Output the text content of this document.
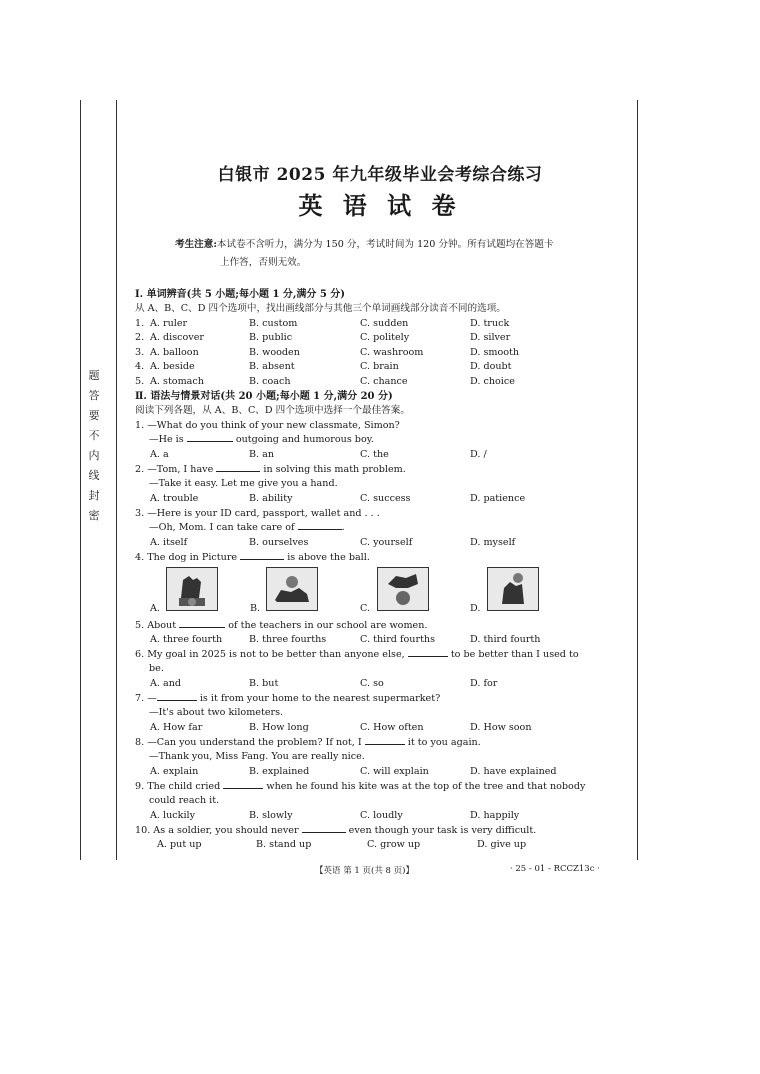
题
答
要
不
内
线
封
密
白银市 2025 年九年级毕业会考综合练习
英 语 试 卷
考生注意:本试卷不含听力，满分为 150 分，考试时间为 120 分钟。所有试题均在答题卡
上作答，否则无效。
Ⅰ. 单词辨音(共 5 小题;每小题 1 分,满分 5 分)
从 A、B、C、D 四个选项中，找出画线部分与其他三个单词画线部分读音不同的选项。
1. A. ruler	B. custom	C. sudden	D. truck
2. A. discover	B. public	C. politely	D. silver
3. A. balloon	B. wooden	C. washroom	D. smooth
4. A. beside	B. absent	C. brain	D. doubt
5. A. stomach	B. coach	C. chance	D. choice
Ⅱ. 语法与情景对话(共 20 小题;每小题 1 分,满分 20 分)
阅读下列各题，从 A、B、C、D 四个选项中选择一个最佳答案。
1. —What do you think of your new classmate, Simon?
—He is	outgoing and humorous boy.
A. a	B. an	C. the	D. /
2. —Tom, I have	in solving this math problem.
—Take it easy. Let me give you a hand.
A. trouble	B. ability	C. success	D. patience
3. —Here is your ID card, passport, wallet and . . .
—Oh, Mom. I can take care of	.
A. itself	B. ourselves	C. yourself	D. myself
4. The dog in Picture	is above the ball.
A.	B.	C.	D.
5. About	of the teachers in our school are women.
A. three fourth	B. three fourths	C. third fourths	D. third fourth
6. My goal in 2025 is not to be better than anyone else,	to be better than I used to
be.
A. and	B. but	C. so	D. for
7. —	is it from your home to the nearest supermarket?
—It's about two kilometers.
A. How far	B. How long	C. How often	D. How soon
8. —Can you understand the problem? If not, I	it to you again.
—Thank you, Miss Fang. You are really nice.
A. explain	B. explained	C. will explain	D. have explained
9. The child cried	when he found his kite was at the top of the tree and that nobody
could reach it.
A. luckily	B. slowly	C. loudly	D. happily
10. As a soldier, you should never	even though your task is very difficult.
A. put up	B. stand up	C. grow up	D. give up
【英语 第 1 页(共 8 页)】	· 25 - 01 - RCCZ13c ·
